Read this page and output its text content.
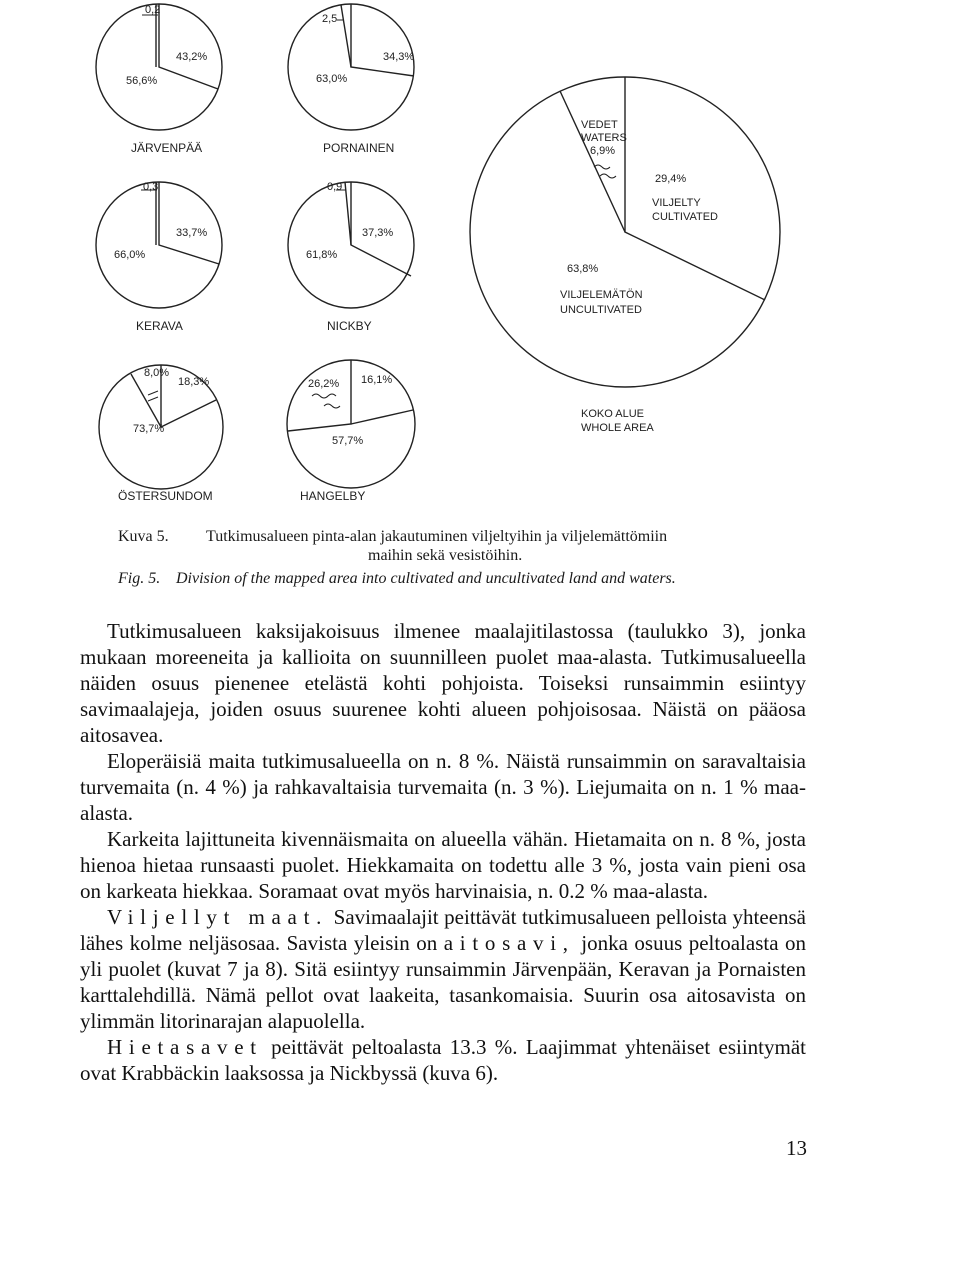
0,2
43,2%
56,6%
JÄRVENPÄÄ
2,5
34,3%
63,0%
PORNAINEN
0,3
33,7%
66,0%
KERAVA
0,9
37,3%
61,8%
NICKBY
8,0%
18,3%
73,7%
ÖSTERSUNDOM
26,2% 16,1%
57,7%
HANGELBY
VEDET
WATERS
6,9%
29,4%
VILJELTY
CULTIVATED
63,8%
VILJELEMÄTÖN
UNCULTIVATED
KOKO ALUE
WHOLE AREA
Kuva 5. Tutkimusalueen pinta-alan jakautuminen viljeltyihin ja viljelemättömiin
maihin sekä vesistöihin.
Fig. 5. Division of the mapped area into cultivated and uncultivated land and waters.

Tutkimusalueen kaksijakoisuus ilmenee maalajitilastossa (taulukko 3), jonka mukaan moreeneita ja kallioita on suunnilleen puolet maa-alasta. Tutkimusalueella näiden osuus pienenee etelästä kohti pohjoista. Toiseksi runsaimmin esiintyy savimaalajeja, joiden osuus suurenee kohti alueen pohjoisosaa. Näistä on pääosa aitosavea.

Eloperäisiä maita tutkimusalueella on n. 8 %. Näistä runsaimmin on saravaltaisia turvemaita (n. 4 %) ja rahkavaltaisia turvemaita (n. 3 %). Liejumaita on n. 1 % maa-alasta.

Karkeita lajittuneita kivennäismaita on alueella vähän. Hietamaita on n. 8 %, josta hienoa hietaa runsaasti puolet. Hiekkamaita on todettu alle 3 %, josta vain pieni osa on karkeata hiekkaa. Soramaat ovat myös harvinaisia, n. 0.2 % maa-alasta.

Viljellyt maat. Savimaalajit peittävät tutkimusalueen pelloista yhteensä lähes kolme neljäsosaa. Savista yleisin on aitosavi, jonka osuus peltoalasta on yli puolet (kuvat 7 ja 8). Sitä esiintyy runsaimmin Järvenpään, Keravan ja Pornaisten karttalehdillä. Nämä pellot ovat laakeita, tasankomaisia. Suurin osa aitosavista on ylimmän litorinarajan alapuolella.

Hietasavet peittävät peltoalasta 13.3 %. Laajimmat yhtenäiset esiintymät ovat Krabbäckin laaksossa ja Nickbyssä (kuva 6).

13
